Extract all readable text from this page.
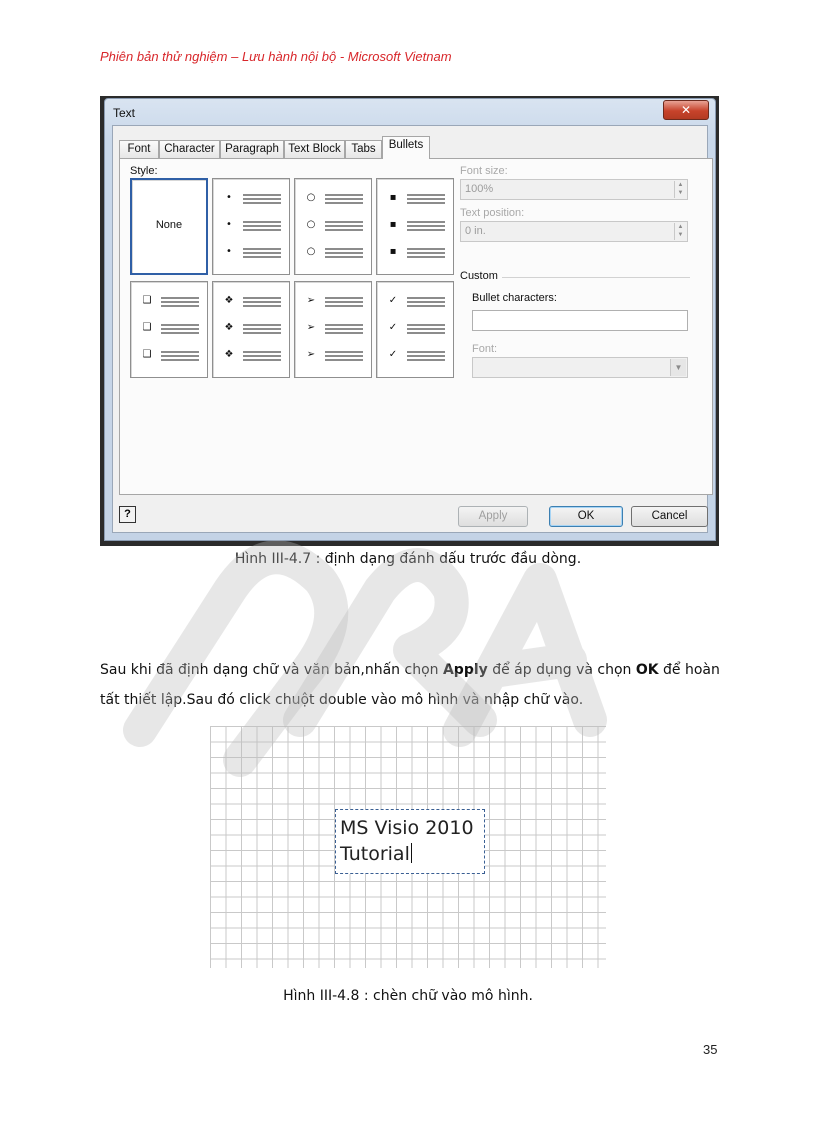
Phiên bản thử nghiệm – Lưu hành nội bộ - Microsoft Vietnam
Text	✕
Font	Character Paragraph Text Block Tabs	Bullets
Style:
None
•
•
•
○
○
○
▪
▪
▪
❑
❑
❑
❖
❖
❖
➢
➢
➢
✓
✓
✓
Font size:
100%	▲
▼
Text position:
0 in.	▲
▼
Custom
Bullet characters:
Font:
▼
?	Apply	OK	Cancel
Hình III-4.7 : định dạng đánh dấu trước đầu dòng.
Sau khi đã định dạng chữ và văn bản,nhấn chọn Apply để áp dụng và chọn OK để hoàn tất thiết lập.Sau đó click chuột double vào mô hình và nhập chữ vào.
MS Visio 2010
Tutorial
Hình III-4.8 : chèn chữ vào mô hình.
35
